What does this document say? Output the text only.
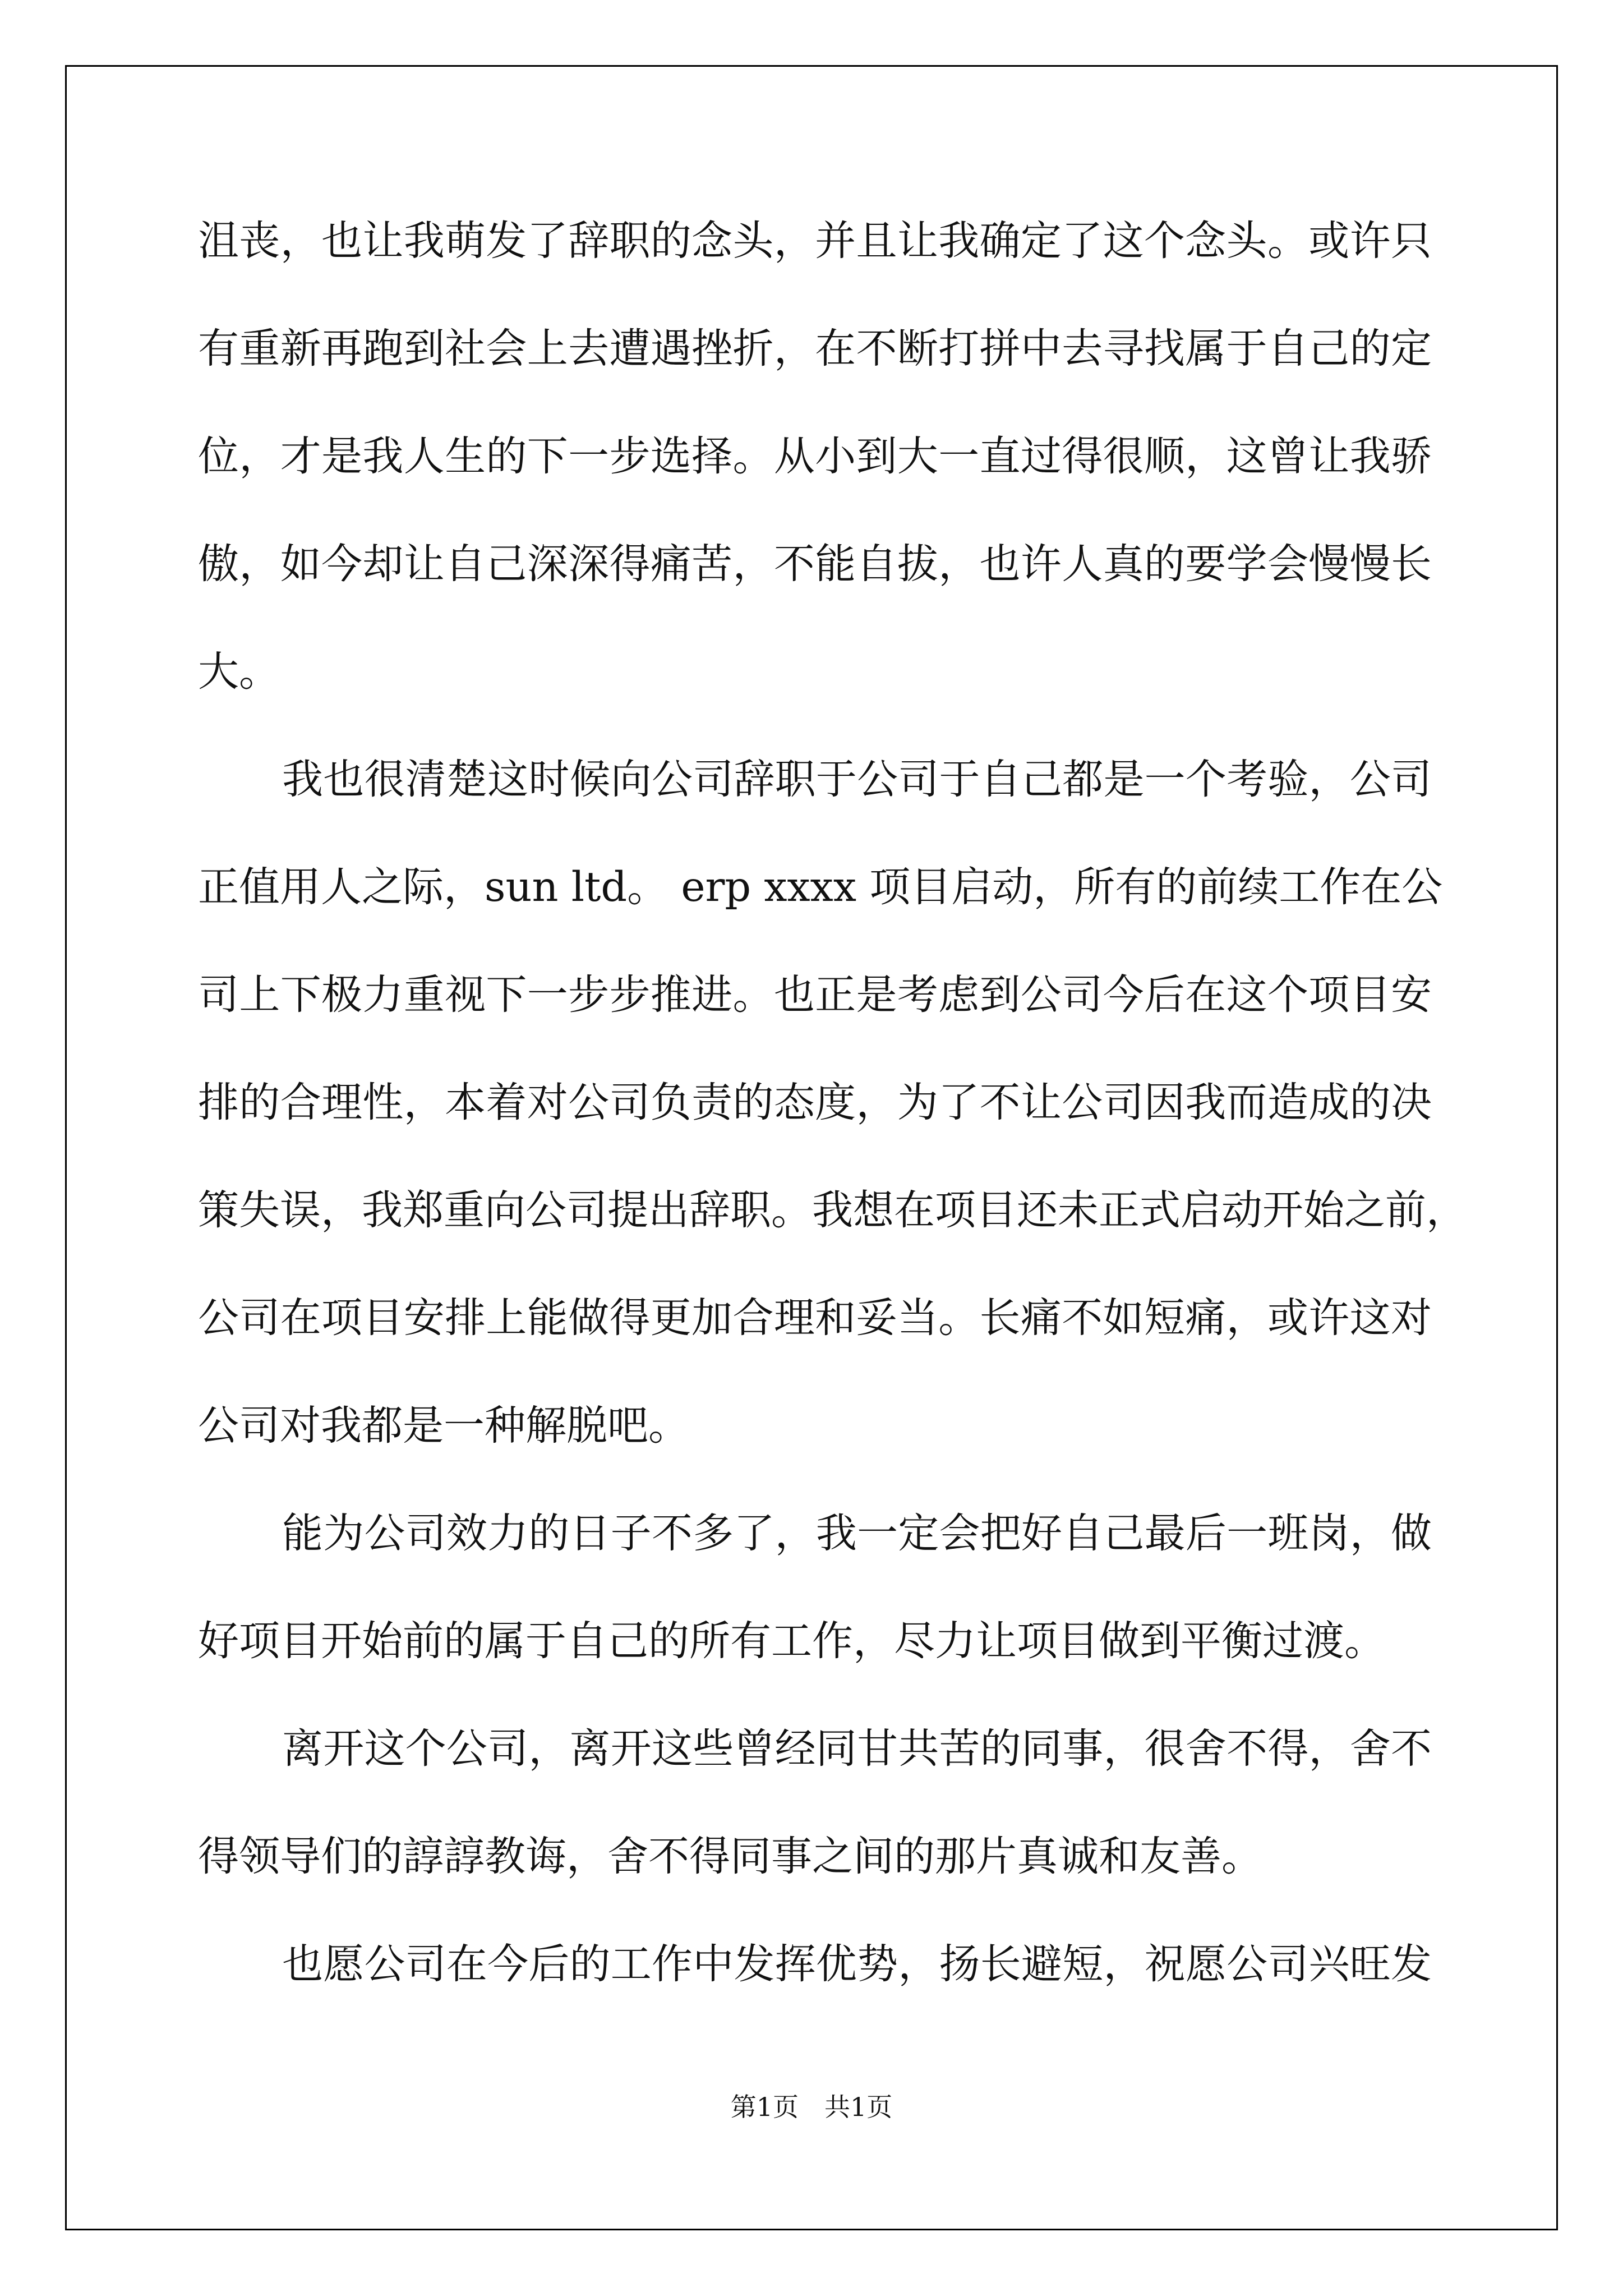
沮丧，也让我萌发了辞职的念头，并且让我确定了这个念头。或许只
有重新再跑到社会上去遭遇挫折，在不断打拼中去寻找属于自己的定
位，才是我人生的下一步选择。从小到大一直过得很顺，这曾让我骄
傲，如今却让自己深深得痛苦，不能自拔，也许人真的要学会慢慢长
大。
我也很清楚这时候向公司辞职于公司于自己都是一个考验，公司
正值用人之际，sun ltd。 erp xxxx 项目启动，所有的前续工作在公
司上下极力重视下一步步推进。也正是考虑到公司今后在这个项目安
排的合理性，本着对公司负责的态度，为了不让公司因我而造成的决
策失误，我郑重向公司提出辞职。我想在项目还未正式启动开始之前，
公司在项目安排上能做得更加合理和妥当。长痛不如短痛，或许这对
公司对我都是一种解脱吧。
能为公司效力的日子不多了，我一定会把好自己最后一班岗，做
好项目开始前的属于自己的所有工作，尽力让项目做到平衡过渡。
离开这个公司，离开这些曾经同甘共苦的同事，很舍不得，舍不
得领导们的諄諄教诲，舍不得同事之间的那片真诚和友善。
也愿公司在今后的工作中发挥优势，扬长避短，祝愿公司兴旺发
第1页　共1页
